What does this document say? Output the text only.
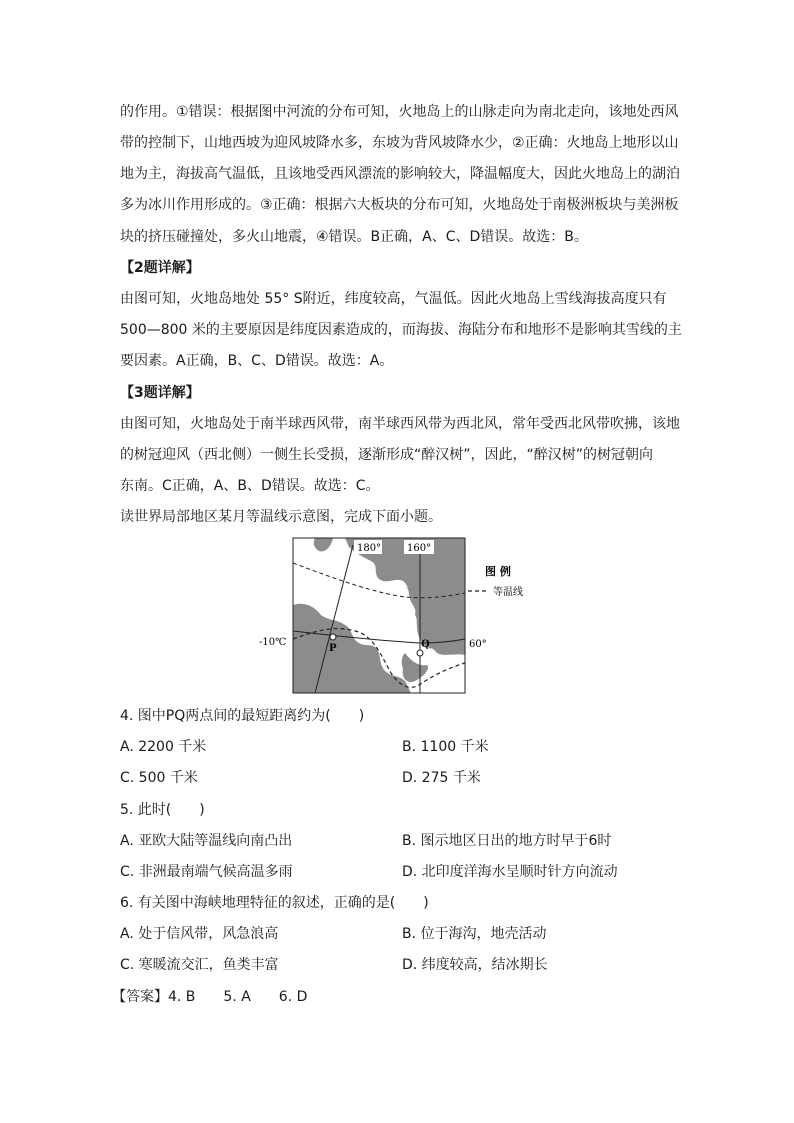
的作用。①错误：根据图中河流的分布可知，火地岛上的山脉走向为南北走向，该地处西风
带的控制下，山地西坡为迎风坡降水多，东坡为背风坡降水少，②正确：火地岛上地形以山
地为主，海拔高气温低，且该地受西风漂流的影响较大，降温幅度大，因此火地岛上的湖泊
多为冰川作用形成的。③正确：根据六大板块的分布可知，火地岛处于南极洲板块与美洲板
块的挤压碰撞处，多火山地震，④错误。B正确，A、C、D错误。故选：B。
【2题详解】
由图可知，火地岛地处 55° S附近，纬度较高，气温低。因此火地岛上雪线海拔高度只有
500—800 米的主要原因是纬度因素造成的，而海拔、海陆分布和地形不是影响其雪线的主
要因素。A正确，B、C、D错误。故选：A。
【3题详解】
由图可知，火地岛处于南半球西风带，南半球西风带为西北风，常年受西北风带吹拂，该地
的树冠迎风（西北侧）一侧生长受损，逐渐形成“醉汉树”，因此，“醉汉树”的树冠朝向
东南。C正确，A、B、D错误。故选：C。
读世界局部地区某月等温线示意图，完成下面小题。
180°	160°
60°
-10℃
P	Q
图 例
等温线
4. 图中PQ两点间的最短距离约为(　　)
A. 2200 千米	B. 1100 千米
C. 500 千米	D. 275 千米
5. 此时(　　)
A. 亚欧大陆等温线向南凸出	B. 图示地区日出的地方时早于6时
C. 非洲最南端气候高温多雨	D. 北印度洋海水呈顺时针方向流动
6. 有关图中海峡地理特征的叙述，正确的是(　　)
A. 处于信风带，风急浪高	B. 位于海沟，地壳活动
C. 寒暖流交汇，鱼类丰富	D. 纬度较高，结冰期长
【答案】4. B　　5. A　　6. D
